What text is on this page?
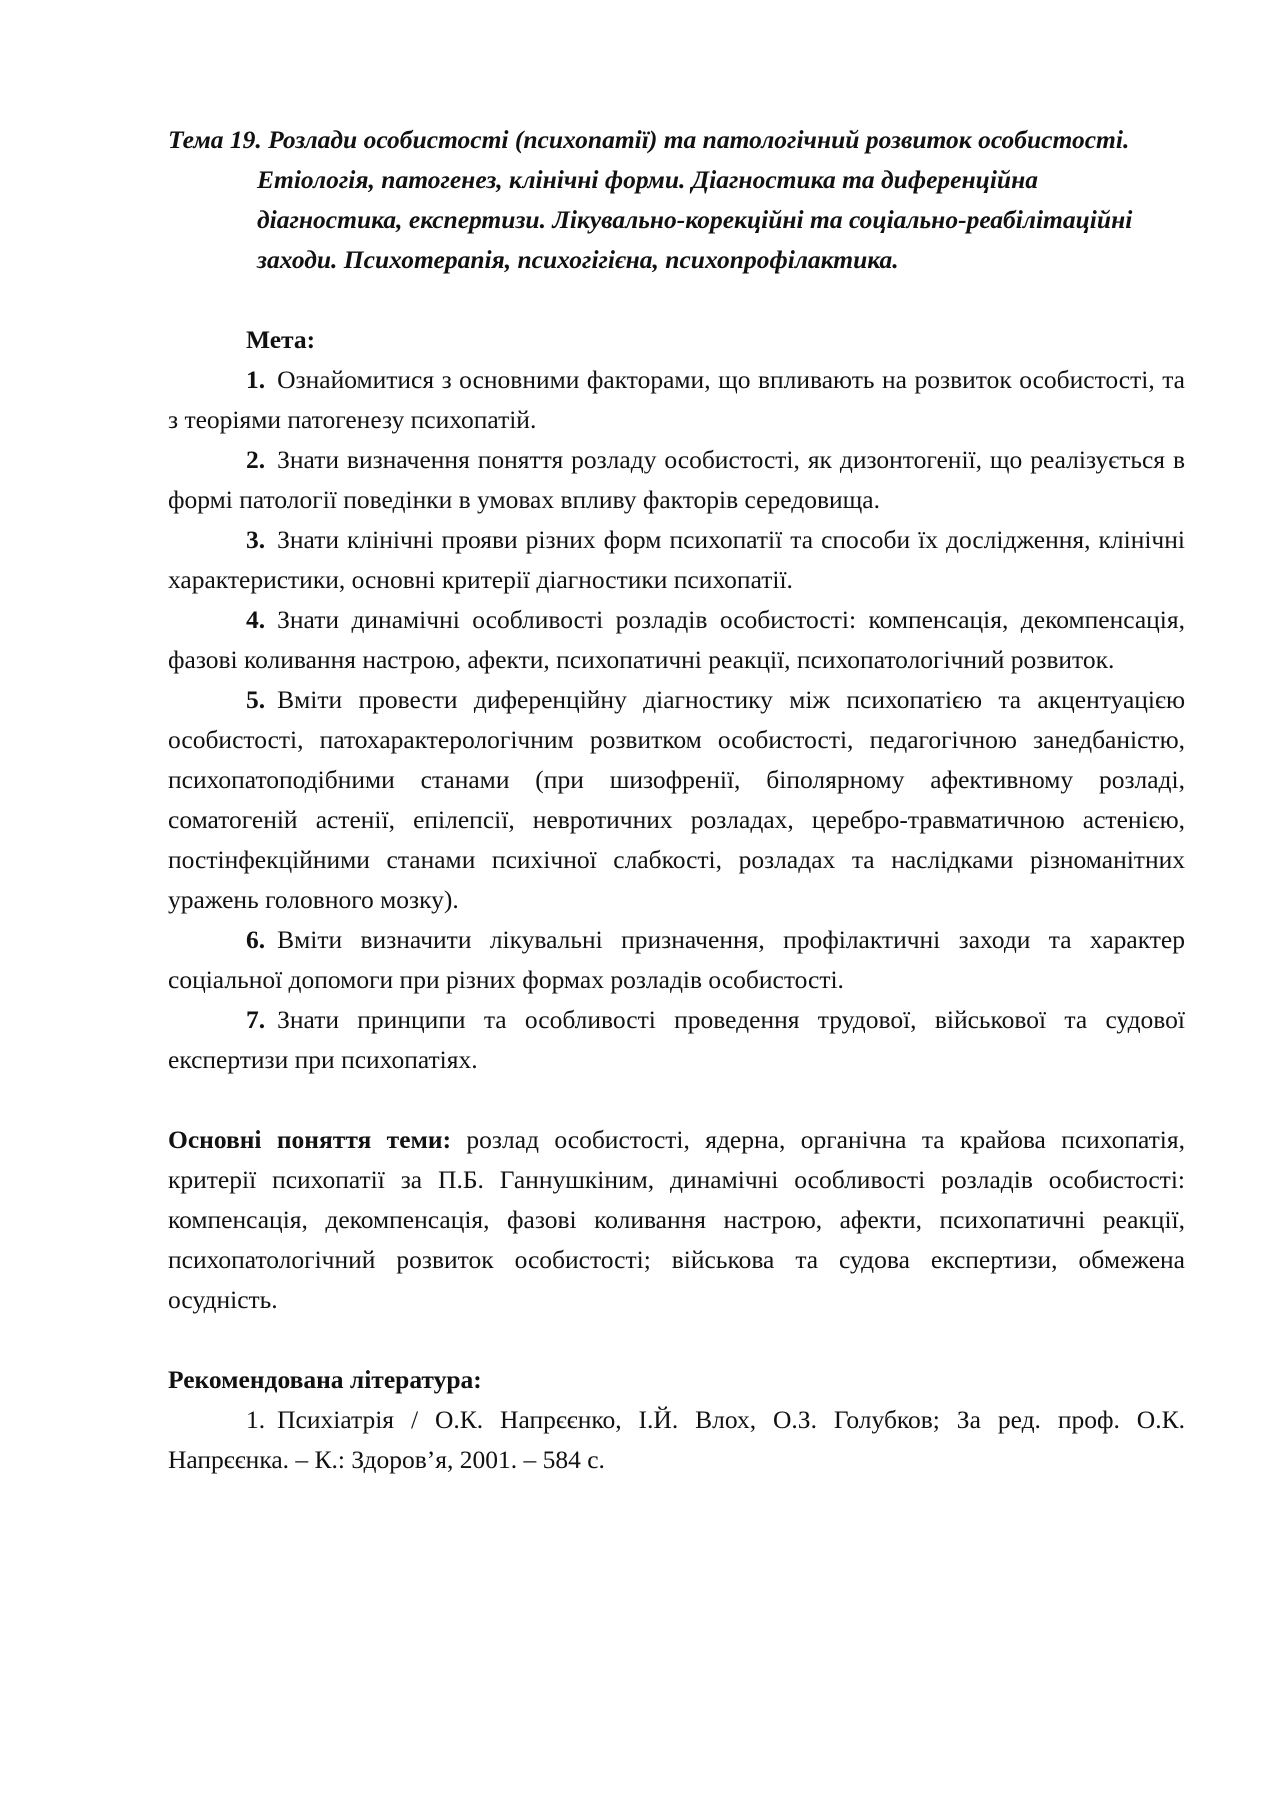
Тема 19. Розлади особистості (психопатії) та патологічний розвиток особистості. Етіологія, патогенез, клінічні форми. Діагностика та диференційна діагностика, експертизи. Лікувально-корекційні та соціально-реабілітаційні заходи. Психотерапія, психогігієна, психопрофілактика.

Мета:

1. Ознайомитися з основними факторами, що впливають на розвиток особистості, та з теоріями патогенезу психопатій.

2. Знати визначення поняття розладу особистості, як дизонтогенії, що реалізується в формі патології поведінки в умовах впливу факторів середовища.

3. Знати клінічні прояви різних форм психопатії та способи їх дослідження, клінічні характеристики, основні критерії діагностики психопатії.

4. Знати динамічні особливості розладів особистості: компенсація, декомпенсація, фазові коливання настрою, афекти, психопатичні реакції, психопатологічний розвиток.

5. Вміти провести диференційну діагностику між психопатією та акцентуацією особистості, патохарактерологічним розвитком особистості, педагогічною занедбаністю, психопатоподібними станами (при шизофренії, біполярному афективному розладі, соматогеній астенії, епілепсії, невротичних розладах, церебро-травматичною астенією, постінфекційними станами психічної слабкості, розладах та наслідками різноманітних уражень головного мозку).

6. Вміти визначити лікувальні призначення, профілактичні заходи та характер соціальної допомоги при різних формах розладів особистості.

7. Знати принципи та особливості проведення трудової, військової та судової експертизи при психопатіях.

Основні поняття теми: розлад особистості, ядерна, органічна та крайова психопатія, критерії психопатії за П.Б. Ганнушкіним, динамічні особливості розладів особистості: компенсація, декомпенсація, фазові коливання настрою, афекти, психопатичні реакції, психопатологічний розвиток особистості; військова та судова експертизи, обмежена осудність.

Рекомендована література:

1. Психіатрія / О.К. Напрєєнко, І.Й. Влох, О.З. Голубков; За ред. проф. О.К. Напрєєнка. – К.: Здоров’я, 2001. – 584 с.
